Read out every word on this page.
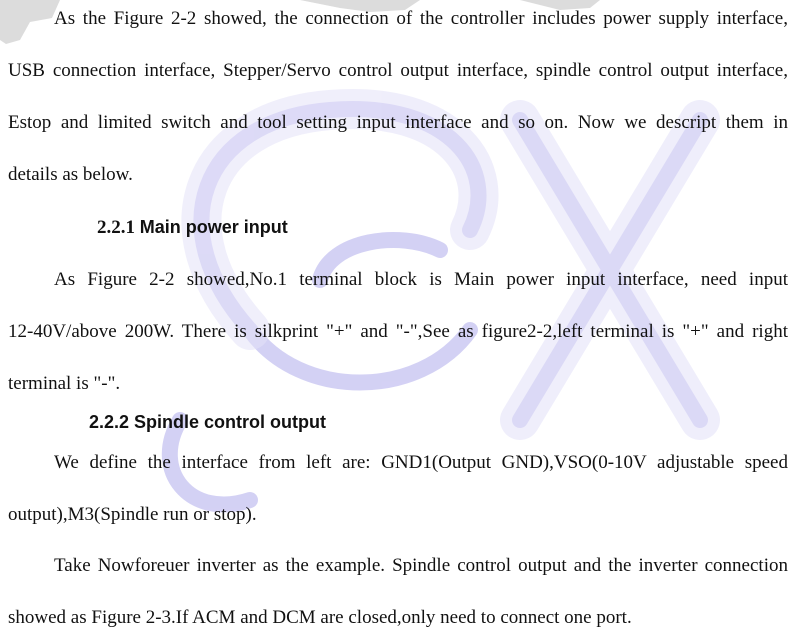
As the Figure 2-2 showed, the connection of the controller includes power supply interface,
USB connection interface, Stepper/Servo control output interface, spindle control output interface,
Estop and limited switch and tool setting input interface and so on. Now we descript them in
details as below.
2.2.1 Main power input
As Figure 2-2 showed,No.1 terminal block is Main power input interface, need input
12-40V/above 200W. There is silkprint "+" and "-",See as figure2-2,left terminal is "+" and right
terminal is "-".
2.2.2 Spindle control output
We define the interface from left are: GND1(Output GND),VSO(0-10V adjustable speed
output),M3(Spindle run or stop).
Take Nowforeuer inverter as the example. Spindle control output and the inverter connection
showed as Figure 2-3.If ACM and DCM are closed,only need to connect one port.
